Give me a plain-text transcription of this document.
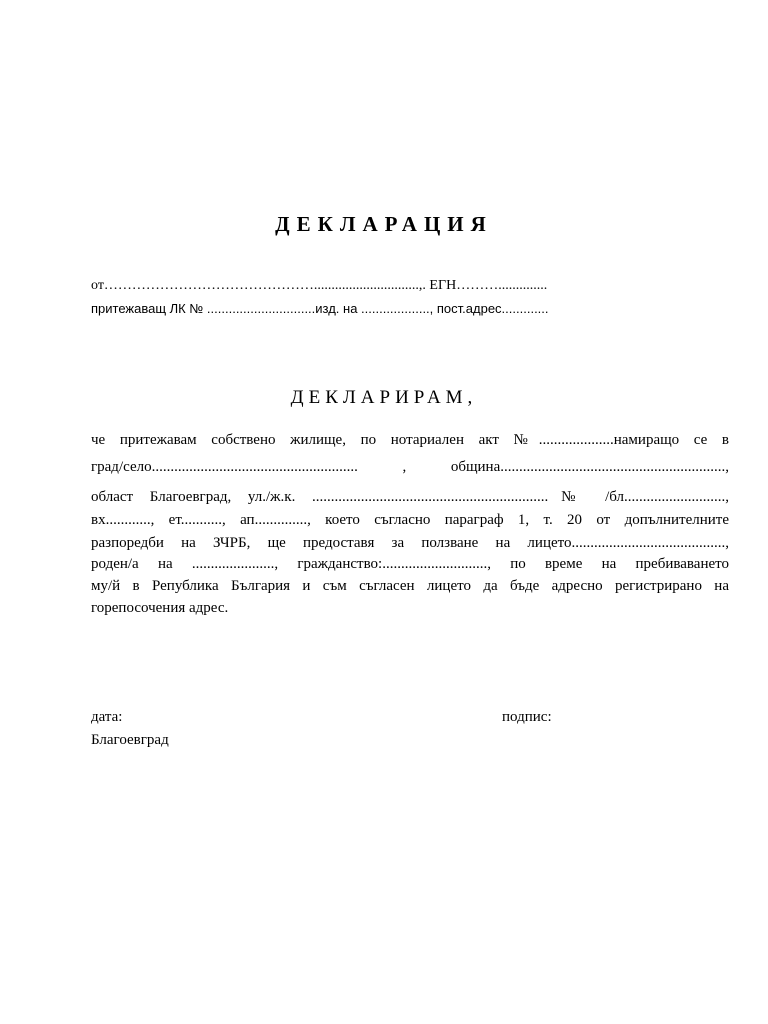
ДЕКЛАРАЦИЯ
от………………………………………..............................,. ЕГН………..............
притежаващ ЛК № ..............................изд. на ..................., пост.адрес.............
ДЕКЛАРИРАМ,
че притежавам собствено жилище, по нотариален акт №....................намиращо се в
град/село....................................................... , община............................................................,
област Благоевград, ул./ж.к. ...............................................................№ /бл...........................,
вх............, ет..........., ап.............., което съгласно параграф 1, т. 20 от допълнителните
разпоредби на ЗЧРБ, ще предоставя за ползване на лицето.........................................,
роден/а на ......................, гражданство:............................, по време на пребиваването
му/й в Република България и съм съгласен лицето да бъде адресно регистрирано на
горепосочения адрес.
дата:
Благоевград
подпис:
